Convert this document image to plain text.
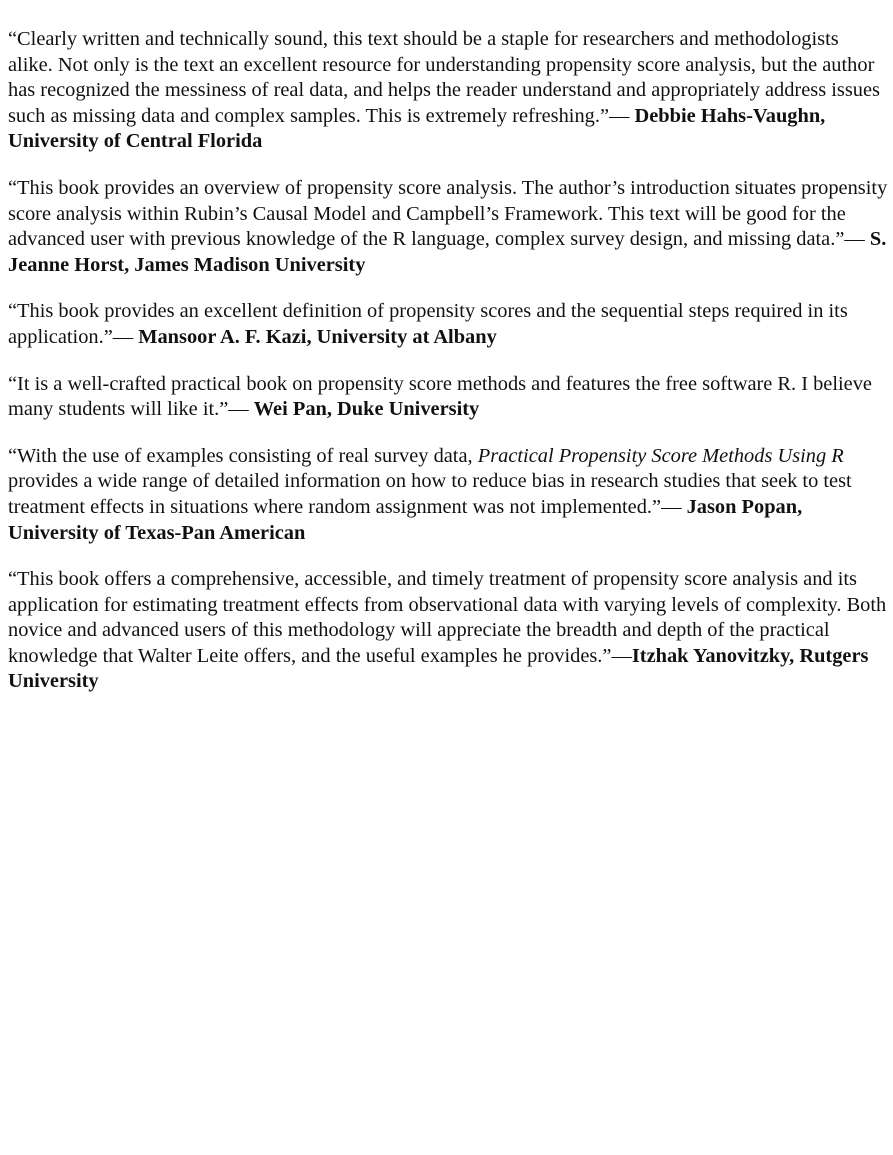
“Clearly written and technically sound, this text should be a staple for researchers and methodologists alike. Not only is the text an excellent resource for understanding propensity score analysis, but the author has recognized the messiness of real data, and helps the reader understand and appropriately address issues such as missing data and complex samples. This is extremely refreshing.”— Debbie Hahs-Vaughn, University of Central Florida

“This book provides an overview of propensity score analysis. The author’s introduction situates propensity score analysis within Rubin’s Causal Model and Campbell’s Framework. This text will be good for the advanced user with previous knowledge of the R language, complex survey design, and missing data.”— S. Jeanne Horst, James Madison University

“This book provides an excellent definition of propensity scores and the sequential steps required in its application.”— Mansoor A. F. Kazi, University at Albany

“It is a well-crafted practical book on propensity score methods and features the free software R. I believe many students will like it.”— Wei Pan, Duke University

“With the use of examples consisting of real survey data, Practical Propensity Score Methods Using R provides a wide range of detailed information on how to reduce bias in research studies that seek to test treatment effects in situations where random assignment was not implemented.”— Jason Popan, University of Texas-Pan American

“This book offers a comprehensive, accessible, and timely treatment of propensity score analysis and its application for estimating treatment effects from observational data with varying levels of complexity. Both novice and advanced users of this methodology will appreciate the breadth and depth of the practical knowledge that Walter Leite offers, and the useful examples he provides.”—Itzhak Yanovitzky, Rutgers University
